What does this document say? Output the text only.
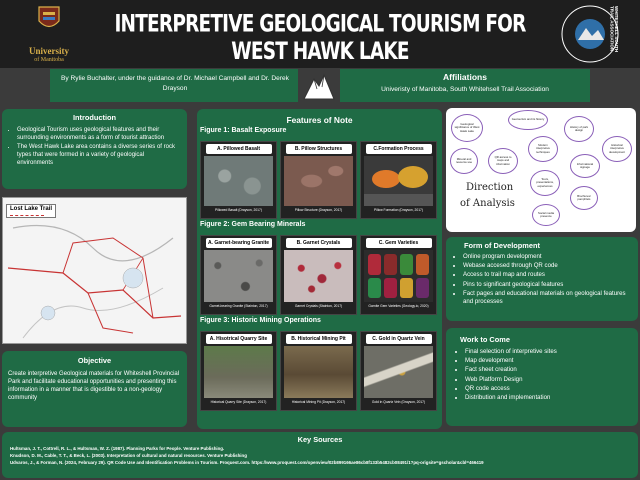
University
of Manitoba
INTERPRETIVE GEOLOGICAL TOURISM FOR WEST HAWK LAKE	WHITESHELL SOUTH TRAIL ASSOCIATION
By Rylie Buchalter, under the guidance of Dr. Michael Campbell and Dr. Derek Drayson
Affiliations
Univeristy of Manitoba, South Whitehsell Trail Association
Introduction
• Geological Tourism uses geological features and their surrounding environments as a form of tourist attraction
• The West Hawk Lake area contains a diverse series of rock types that were formed in a variety of geological environments
Lost Lake Trail
Objective
Create interpretive Geological materials for Whiteshell Provincial Park and facilitate educational opportunities and presenting this information in a manner that is digestible to a non-geology community
Features of Note
Figure 1: Basalt Exposure
A. Pillowed Basalt
Pillowed Basalt (Drayson, 2017)
B. Pillow Structures
Pillow Structure (Drayson, 2017)
C.Formation Process
Pillow Formation (Drayson, 2017)
Figure 2: Gem Bearing Minerals
A. Garnet-bearing Granite
Garnet-bearing Granite (Stainton, 2017)
B. Garnet Crystals
Garnet Crystals (Stainton, 2017)
C. Gem Varieties
Garnite Gem Varieties (Geology.io, 2020)
Figure 3: Historic Mining Operations
A. Hisotrical Quarry Site
Historical Quarry Site (Drayson, 2017)
B. Historical Mining Pit
Historical Mining Pit (Drayson, 2017)
C. Gold in Quartz Vein
Gold in Quartz Vein (Drayson, 2017)
Geological significance of West Hawk Lake
Geotourism and its history
History of park design
Historical interpretive development
Mineral and resource use
QR access to maps and information
Modern interpretive techniques
Informational signage
Tours, presentations, experiences
Brochures/ pamphlets
Social media presence
Direction
of Analysis
Form of Development
• Online program development
• Webase accesed through QR code
• Access to trail map and routes
• Pins to significant geological features
• Fact pages and educational materials on geological features and processes
Work to Come
• Final selection of interpretive sites
• Map development
• Fact sheet creation
• Web Platform Design
• QR code access
• Distribution and implementation
Key Sources
Hultsman, J. T., Cottrell, R. L., & Hultsman, W. Z. (1987). Planning Parks for People. Venture Publishing.
Knudson, D. M., Cable, T. T., & Beck, L. (2003). Interpretation of cultural and natural resources. Venture Publishing
Udvaros, J., & Forman, N. (2024, February 29). QR Code Use and Identification Problems in Tourism. Proquest.com. https://www.proquest.com/openview/02b899166ae86cb8f133b5482cb08491/1?pq-origsite=gscholar&cbl=466419
